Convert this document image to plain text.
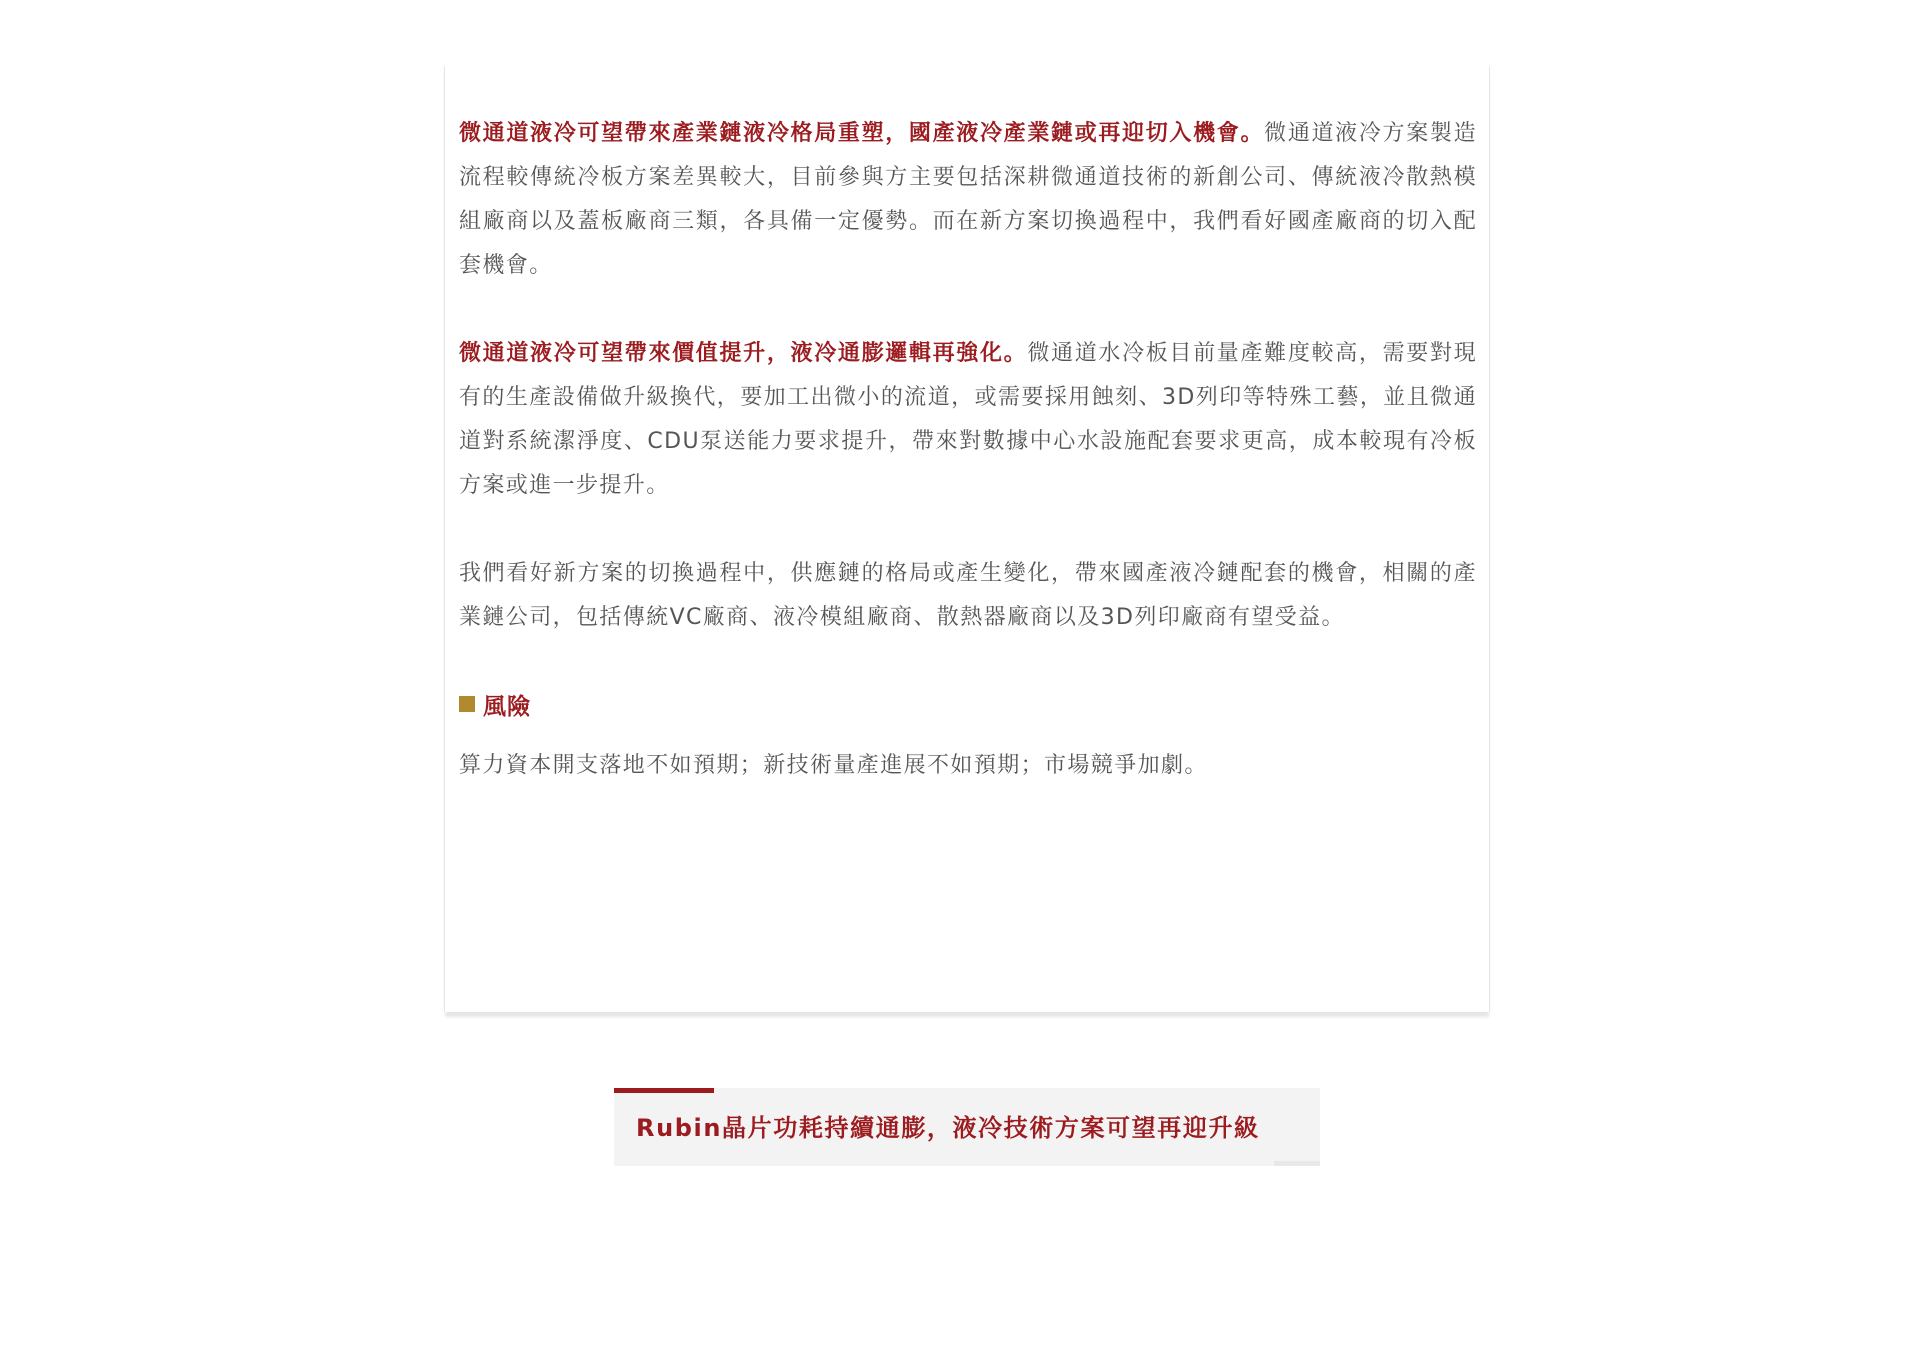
微通道液冷可望帶來產業鏈液冷格局重塑，國產液冷產業鏈或再迎切入機會。微通道液冷方案製造流程較傳統冷板方案差異較大，目前參與方主要包括深耕微通道技術的新創公司、傳統液冷散熱模組廠商以及蓋板廠商三類，各具備一定優勢。而在新方案切換過程中，我們看好國產廠商的切入配套機會。

微通道液冷可望帶來價值提升，液冷通膨邏輯再強化。微通道水冷板目前量產難度較高，需要對現有的生產設備做升級換代，要加工出微小的流道，或需要採用蝕刻、3D列印等特殊工藝，並且微通道對系統潔淨度、CDU泵送能力要求提升，帶來對數據中心水設施配套要求更高，成本較現有冷板方案或進一步提升。

我們看好新方案的切換過程中，供應鏈的格局或產生變化，帶來國產液冷鏈配套的機會，相關的產業鏈公司，包括傳統VC廠商、液冷模組廠商、散熱器廠商以及3D列印廠商有望受益。

風險
算力資本開支落地不如預期；新技術量產進展不如預期；市場競爭加劇。
Rubin晶片功耗持續通膨，液冷技術方案可望再迎升級
